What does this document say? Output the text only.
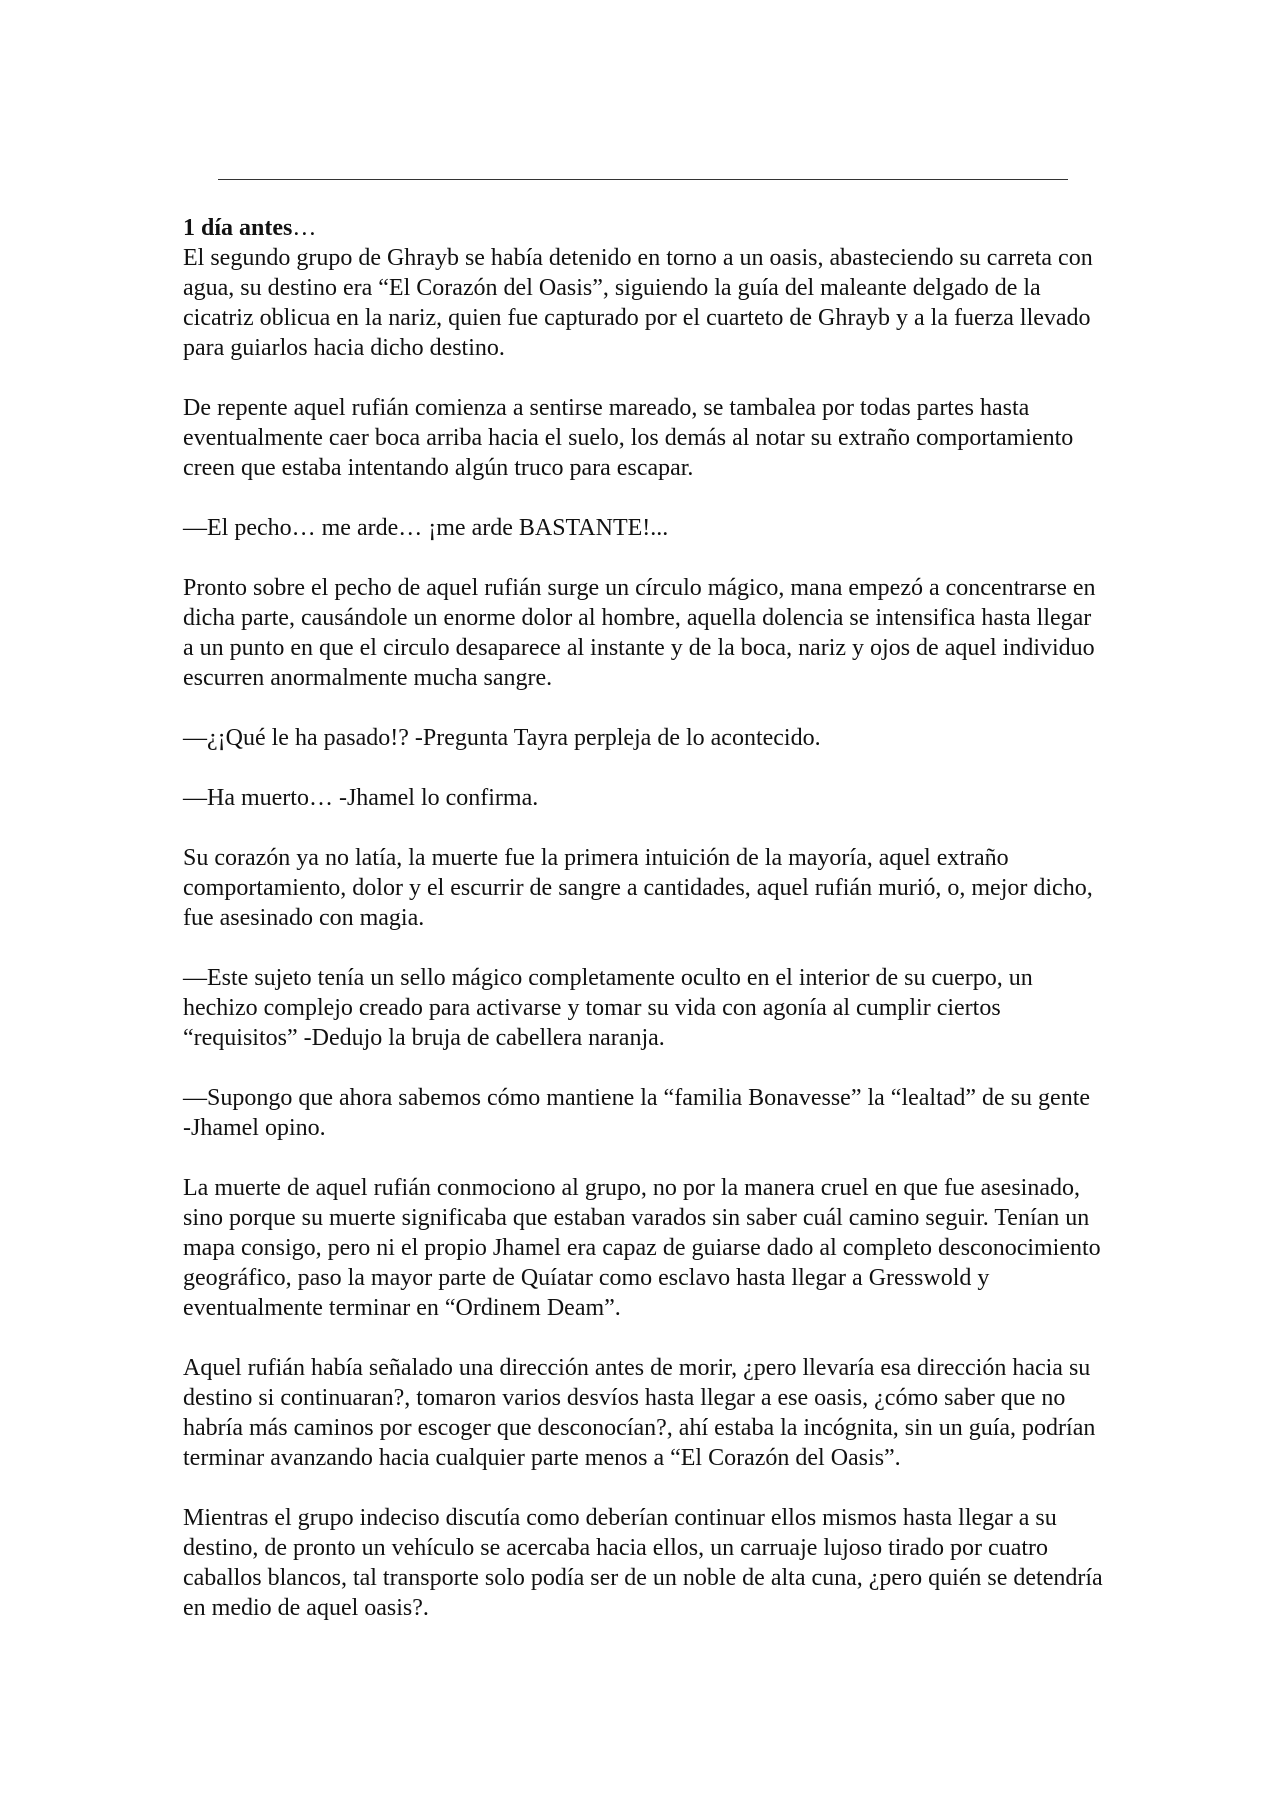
1 día antes…

El segundo grupo de Ghrayb se había detenido en torno a un oasis, abasteciendo su carreta con agua, su destino era “El Corazón del Oasis”, siguiendo la guía del maleante delgado de la cicatriz oblicua en la nariz, quien fue capturado por el cuarteto de Ghrayb y a la fuerza llevado para guiarlos hacia dicho destino.

De repente aquel rufián comienza a sentirse mareado, se tambalea por todas partes hasta eventualmente caer boca arriba hacia el suelo, los demás al notar su extraño comportamiento creen que estaba intentando algún truco para escapar.

—El pecho… me arde… ¡me arde BASTANTE!...

Pronto sobre el pecho de aquel rufián surge un círculo mágico, mana empezó a concentrarse en dicha parte, causándole un enorme dolor al hombre, aquella dolencia se intensifica hasta llegar a un punto en que el circulo desaparece al instante y de la boca, nariz y ojos de aquel individuo escurren anormalmente mucha sangre.

—¿¡Qué le ha pasado!? -Pregunta Tayra perpleja de lo acontecido.

—Ha muerto… -Jhamel lo confirma.

Su corazón ya no latía, la muerte fue la primera intuición de la mayoría, aquel extraño comportamiento, dolor y el escurrir de sangre a cantidades, aquel rufián murió, o, mejor dicho, fue asesinado con magia.

—Este sujeto tenía un sello mágico completamente oculto en el interior de su cuerpo, un hechizo complejo creado para activarse y tomar su vida con agonía al cumplir ciertos “requisitos” -Dedujo la bruja de cabellera naranja.

—Supongo que ahora sabemos cómo mantiene la “familia Bonavesse” la “lealtad” de su gente -Jhamel opino.

La muerte de aquel rufián conmociono al grupo, no por la manera cruel en que fue asesinado, sino porque su muerte significaba que estaban varados sin saber cuál camino seguir. Tenían un mapa consigo, pero ni el propio Jhamel era capaz de guiarse dado al completo desconocimiento geográfico, paso la mayor parte de Quíatar como esclavo hasta llegar a Gresswold y eventualmente terminar en “Ordinem Deam”.

Aquel rufián había señalado una dirección antes de morir, ¿pero llevaría esa dirección hacia su destino si continuaran?, tomaron varios desvíos hasta llegar a ese oasis, ¿cómo saber que no habría más caminos por escoger que desconocían?, ahí estaba la incógnita, sin un guía, podrían terminar avanzando hacia cualquier parte menos a “El Corazón del Oasis”.

Mientras el grupo indeciso discutía como deberían continuar ellos mismos hasta llegar a su destino, de pronto un vehículo se acercaba hacia ellos, un carruaje lujoso tirado por cuatro caballos blancos, tal transporte solo podía ser de un noble de alta cuna, ¿pero quién se detendría en medio de aquel oasis?.
